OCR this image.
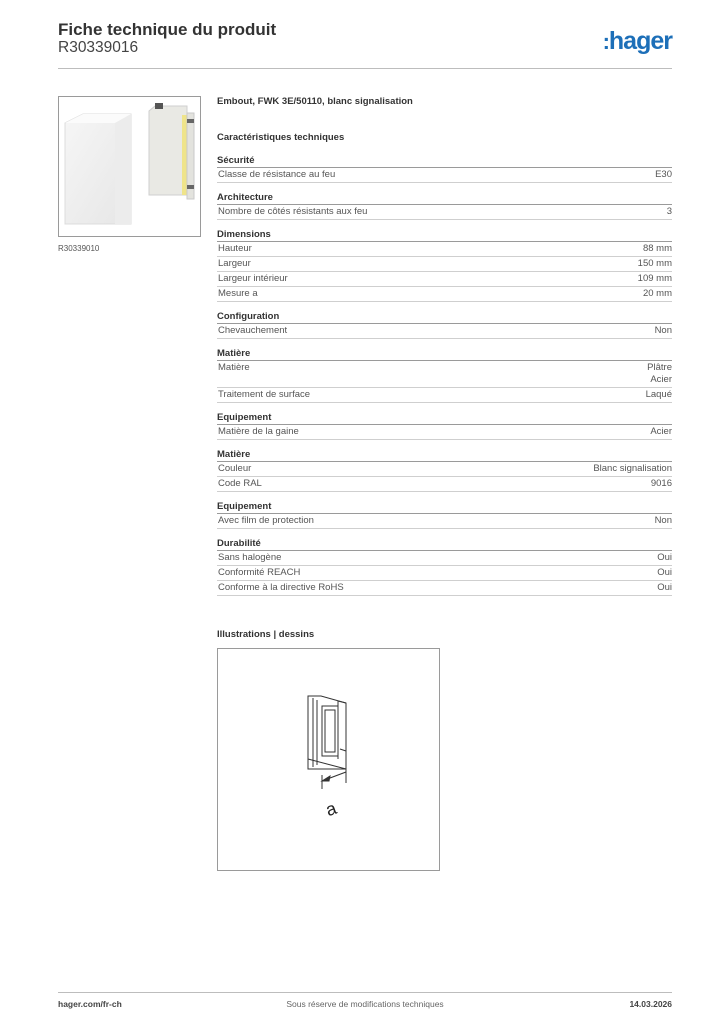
Fiche technique du produit
R30339016	:hager
R30339010
Embout, FWK 3E/50110, blanc signalisation
Caractéristiques techniques
Sécurité
Classe de résistance au feu	E30
Architecture
Nombre de côtés résistants aux feu	3
Dimensions
Hauteur	88 mm
Largeur	150 mm
Largeur intérieur	109 mm
Mesure a	20 mm
Configuration
Chevauchement	Non
Matière
Matière	Plâtre
Acier
Traitement de surface	Laqué
Equipement
Matière de la gaine	Acier
Matière
Couleur	Blanc signalisation
Code RAL	9016
Equipement
Avec film de protection	Non
Durabilité
Sans halogène	Oui
Conformité REACH	Oui
Conforme à la directive RoHS	Oui
Illustrations | dessins
a
hager.com/fr-ch	Sous réserve de modifications techniques	14.03.2026
